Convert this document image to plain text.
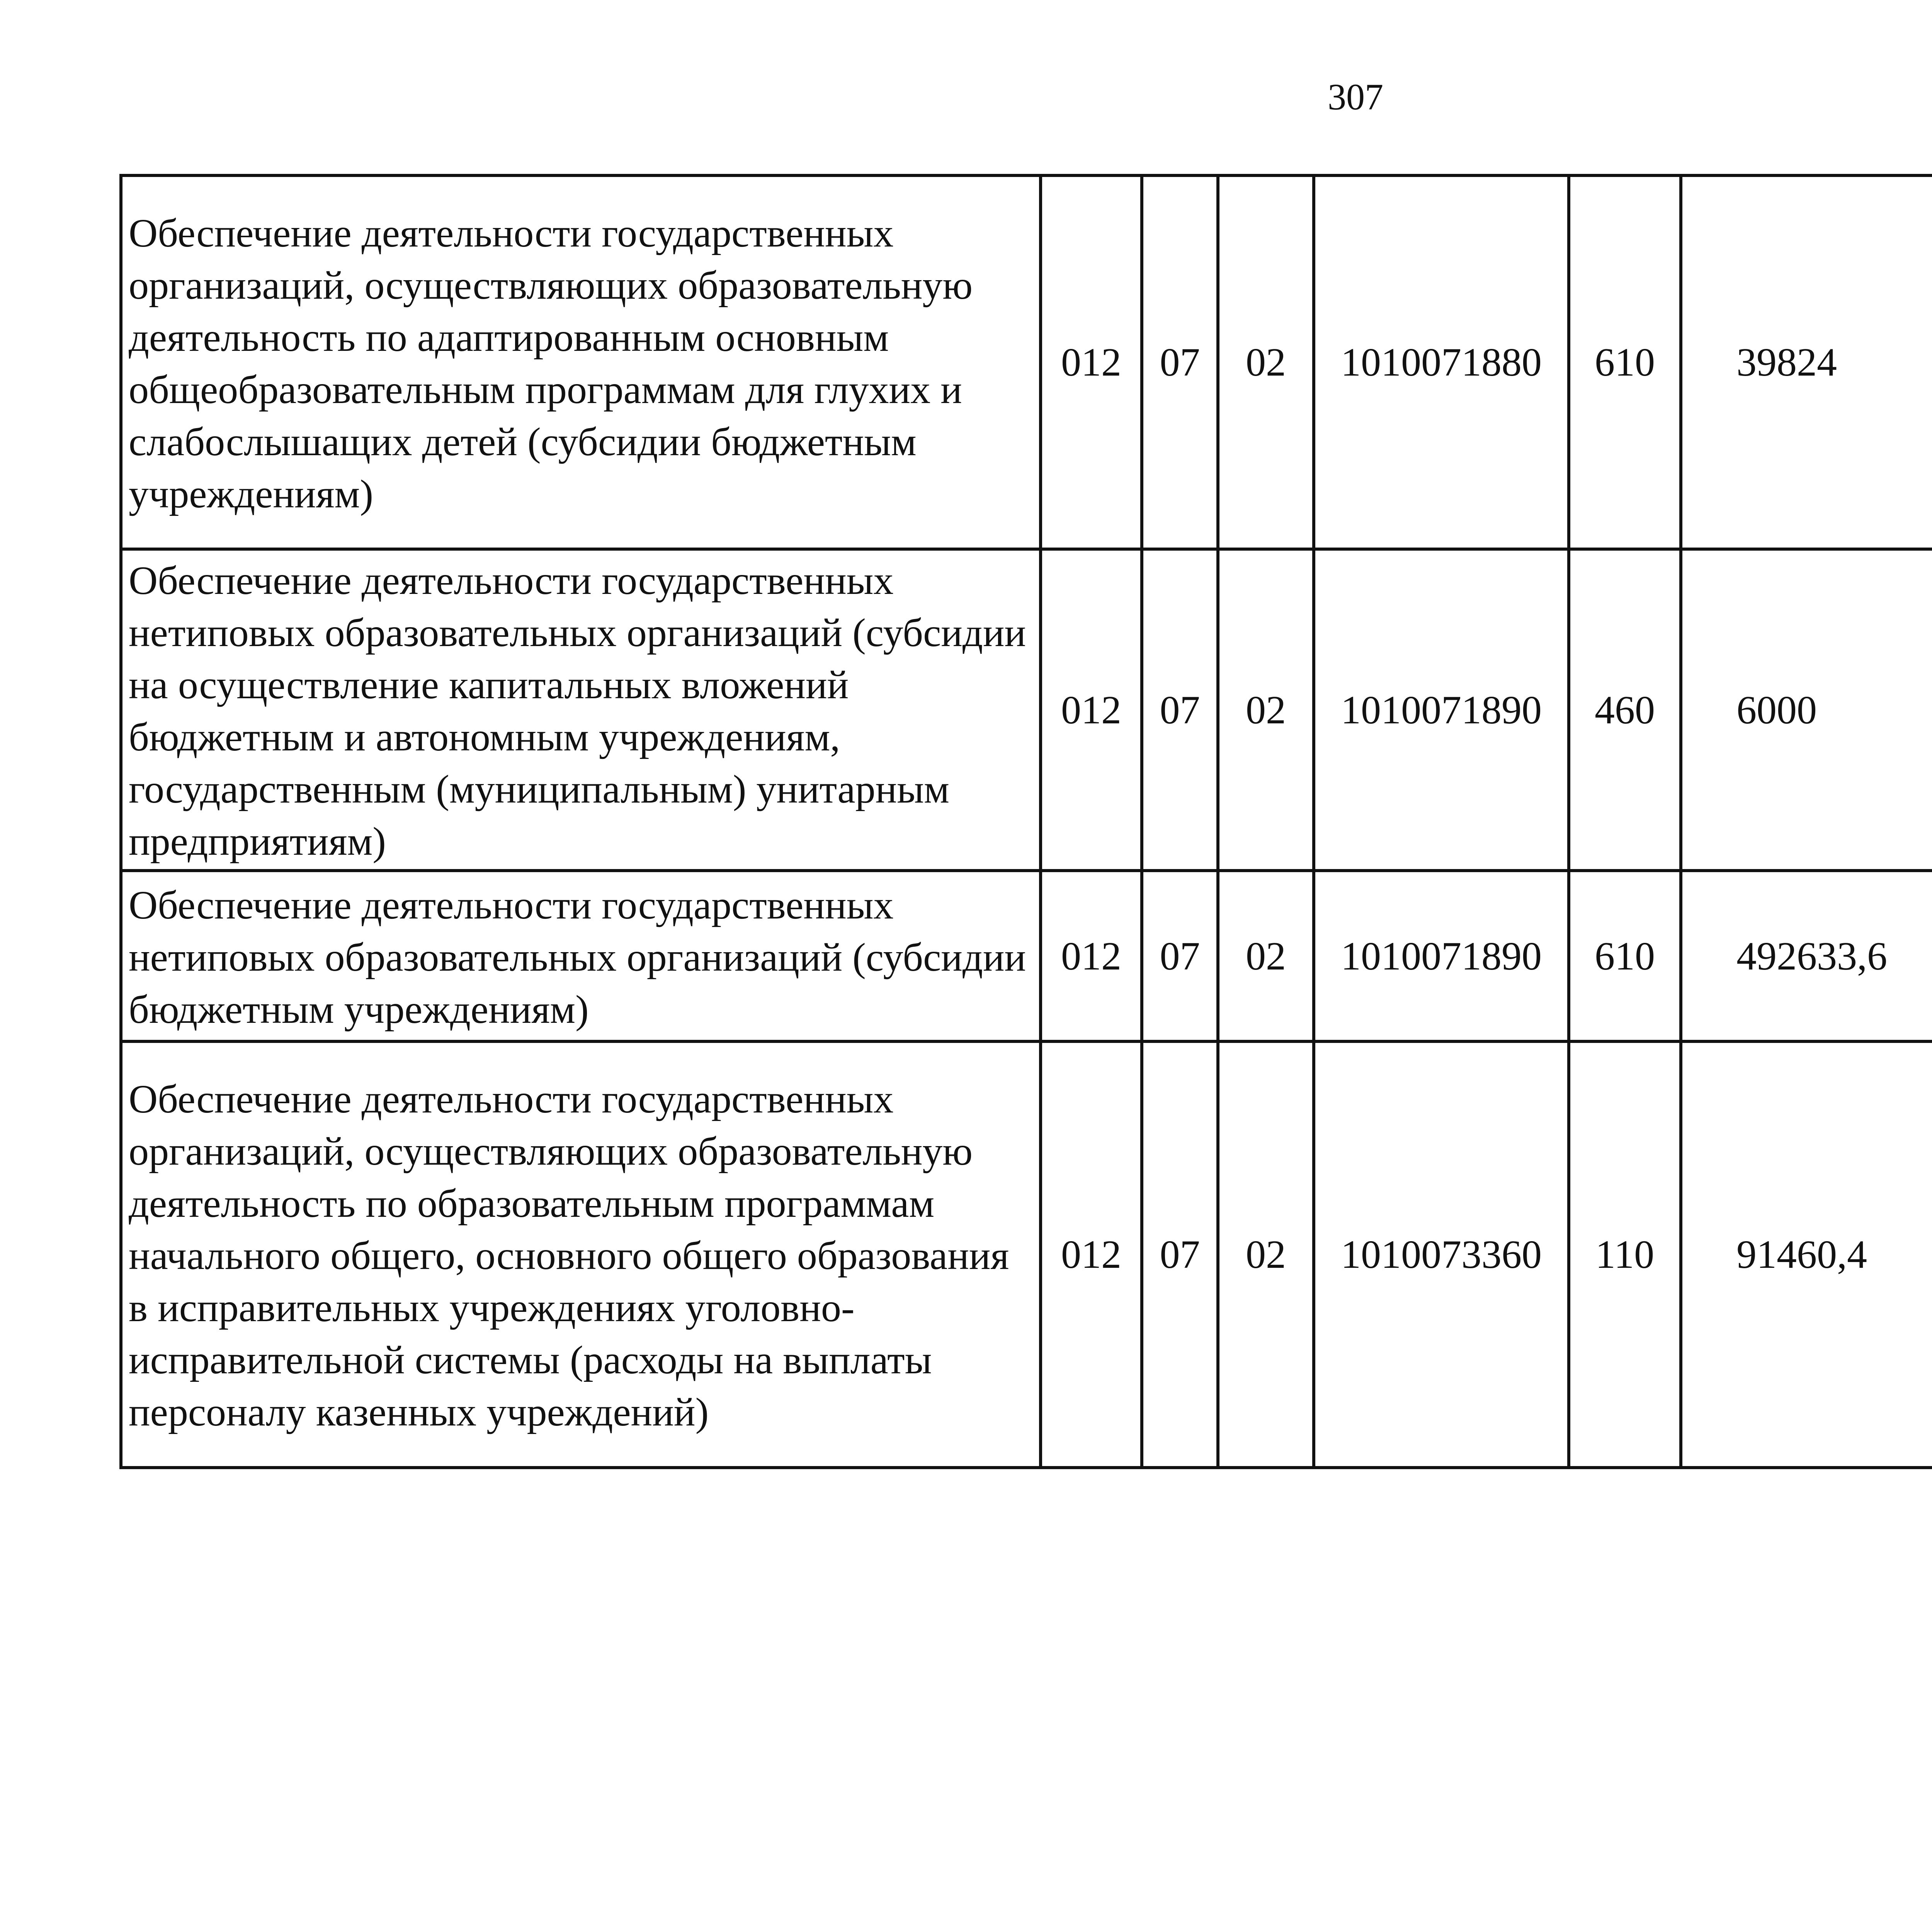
307
Обеспечение деятельности государственных организаций, осуществляющих образовательную деятельность по адаптированным основным общеобразовательным программам для глухих и слабослышащих детей (субсидии бюджетным учреждениям)	012	07	02	1010071880	610	39824		

Обеспечение деятельности государственных нетиповых образовательных организаций (субсидии на осуществление капитальных вложений бюджетным и автономным учреждениям, государственным (муниципальным) унитарным предприятиям)	012	07	02	1010071890	460	6000		

Обеспечение деятельности государственных нетиповых образовательных организаций (субсидии бюджетным учреждениям)	012	07	02	1010071890	610	492633,6		

Обеспечение деятельности государственных организаций, осуществляющих образовательную деятельность по образовательным программам начального общего, основного общего образования в исправительных учреждениях уголовно-исправительной системы (расходы на выплаты персоналу казенных учреждений)	012	07	02	1010073360	110	91460,4		
